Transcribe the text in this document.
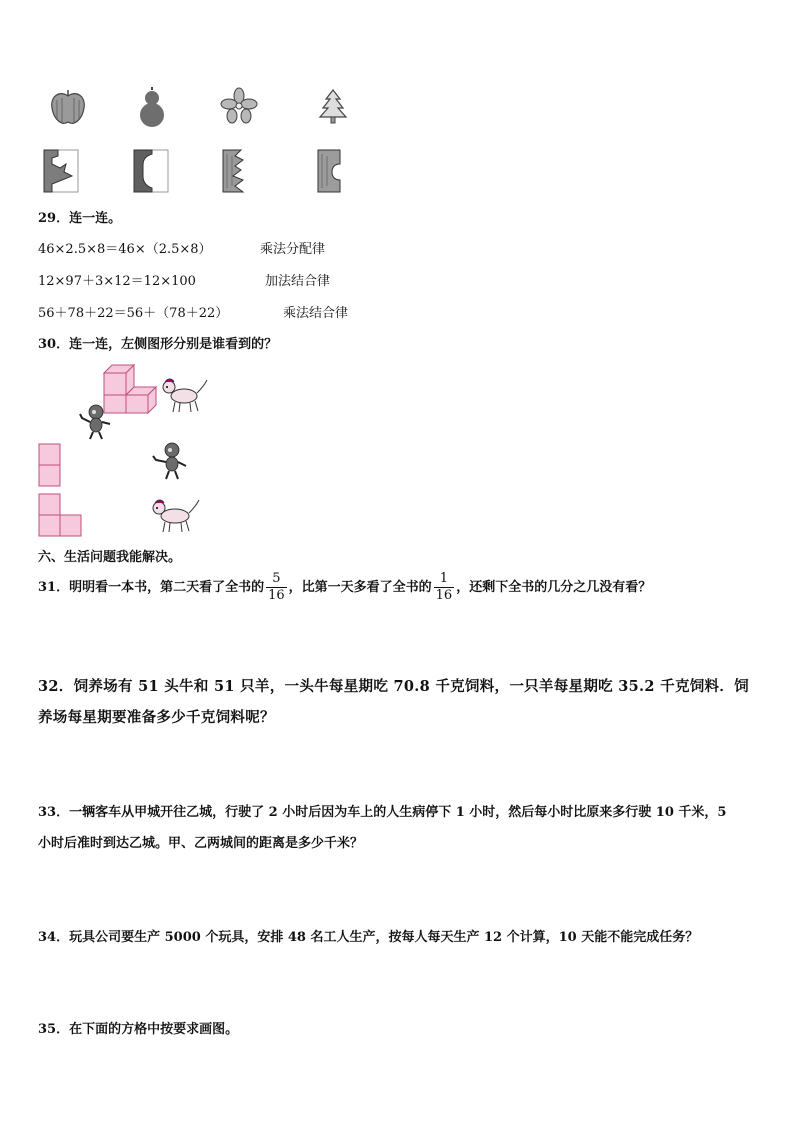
29．连一连。
46×2.5×8＝46×（2.5×8）	乘法分配律
12×97＋3×12＝12×100	加法结合律
56＋78＋22＝56＋（78＋22）	乘法结合律
30．连一连，左侧图形分别是谁看到的？
六、生活问题我能解决。
31．明明看一本书，第二天看了全书的 $\frac{5}{16}$ ，比第一天多看了全书的 $\frac{1}{16}$ ，还剩下全书的几分之几没有看？
32．饲养场有 51 头牛和 51 只羊，一头牛每星期吃 70.8 千克饲料，一只羊每星期吃 35.2 千克饲料．饲
养场每星期要准备多少千克饲料呢？
33．一辆客车从甲城开往乙城，行驶了 2 小时后因为车上的人生病停下 1 小时，然后每小时比原来多行驶 10 千米，5
小时后准时到达乙城。甲、乙两城间的距离是多少千米？
34．玩具公司要生产 5000 个玩具，安排 48 名工人生产，按每人每天生产 12 个计算，10 天能不能完成任务？
35．在下面的方格中按要求画图。
